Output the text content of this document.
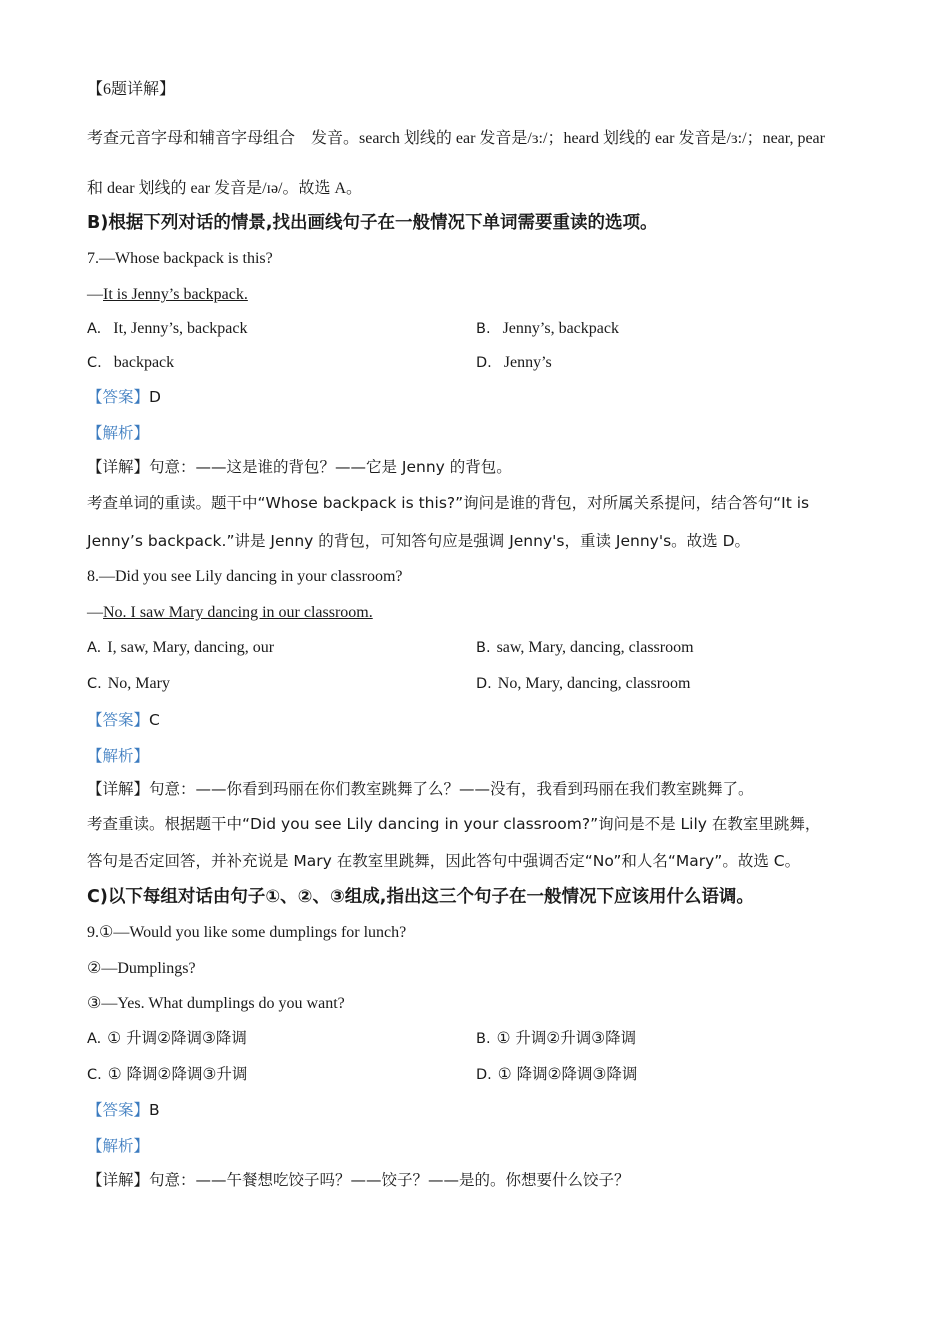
【6题详解】
考查元音字母和辅音字母组合　发音。search 划线的 ear 发音是/ɜ:/；heard 划线的 ear 发音是/ɜ:/；near, pear
和 dear 划线的 ear 发音是/ɪə/。故选 A。
B)根据下列对话的情景,找出画线句子在一般情况下单词需要重读的选项。
7.—Whose backpack is this?
—It is Jenny’s backpack.
A. It, Jenny’s, backpack	B. Jenny’s, backpack
C. backpack	D. Jenny’s
【答案】D
【解析】
【详解】句意：——这是谁的背包？——它是 Jenny 的背包。
考查单词的重读。题干中“Whose backpack is this?”询问是谁的背包，对所属关系提问，结合答句“It is
Jenny’s backpack.”讲是 Jenny 的背包，可知答句应是强调 Jenny's，重读 Jenny's。故选 D。
8.—Did you see Lily dancing in your classroom?
—No. I saw Mary dancing in our classroom.
A. I, saw, Mary, dancing, our	B. saw, Mary, dancing, classroom
C. No, Mary	D. No, Mary, dancing, classroom
【答案】C
【解析】
【详解】句意：——你看到玛丽在你们教室跳舞了么？——没有，我看到玛丽在我们教室跳舞了。
考查重读。根据题干中“Did you see Lily dancing in your classroom?”询问是不是 Lily 在教室里跳舞，
答句是否定回答，并补充说是 Mary 在教室里跳舞，因此答句中强调否定“No”和人名“Mary”。故选 C。
C)以下每组对话由句子①、②、③组成,指出这三个句子在一般情况下应该用什么语调。
9.①—Would you like some dumplings for lunch?
②—Dumplings?
③—Yes. What dumplings do you want?
A. ① 升调②降调③降调	B. ① 升调②升调③降调
C. ① 降调②降调③升调	D. ① 降调②降调③降调
【答案】B
【解析】
【详解】句意：——午餐想吃饺子吗？——饺子？——是的。你想要什么饺子？
